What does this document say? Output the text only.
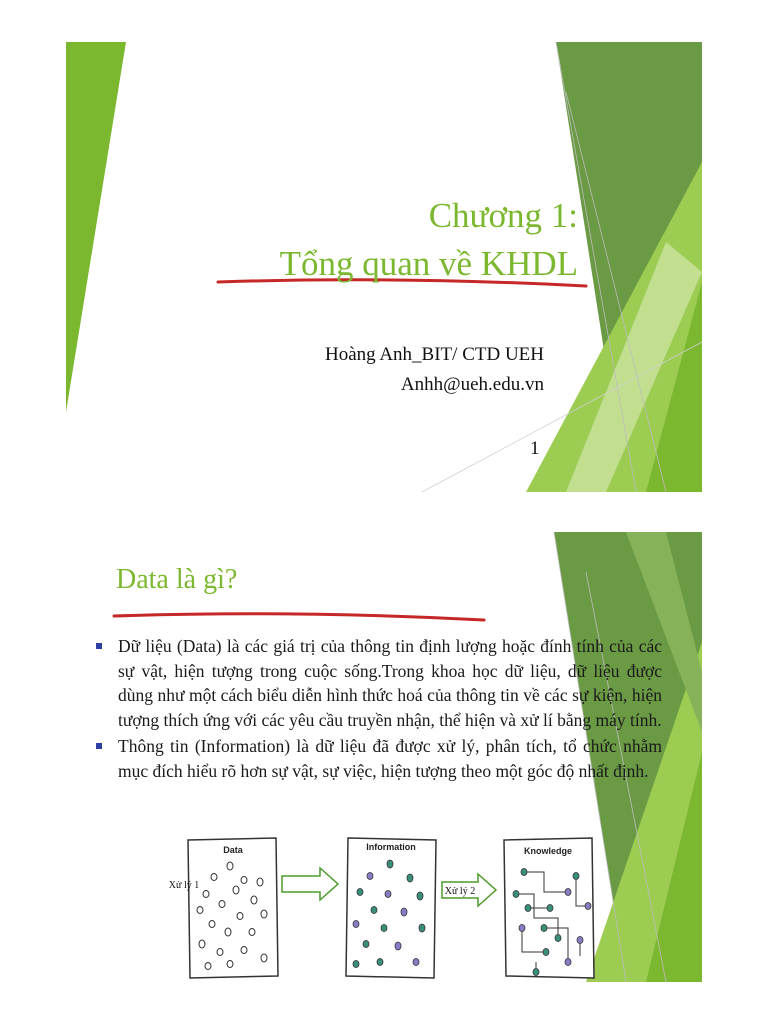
Chương 1:
Tổng quan về KHDL
Hoàng Anh_BIT/ CTD UEH
Anhh@ueh.edu.vn
1
Data là gì?
Dữ liệu (Data) là các giá trị của thông tin định lượng hoặc đính tính của các sự vật, hiện tượng trong cuộc sống.Trong khoa học dữ liệu, dữ liệu được dùng như một cách biểu diễn hình thức hoá của thông tin về các sự kiện, hiện tượng thích ứng với các yêu cầu truyền nhận, thể hiện và xử lí bằng máy tính.
Thông tin (Information) là dữ liệu đã được xử lý, phân tích, tổ chức nhằm mục đích hiểu rõ hơn sự vật, sự việc, hiện tượng theo một góc độ nhất định.
Data
Xử lý 1
Information
Xử lý 2
Knowledge
